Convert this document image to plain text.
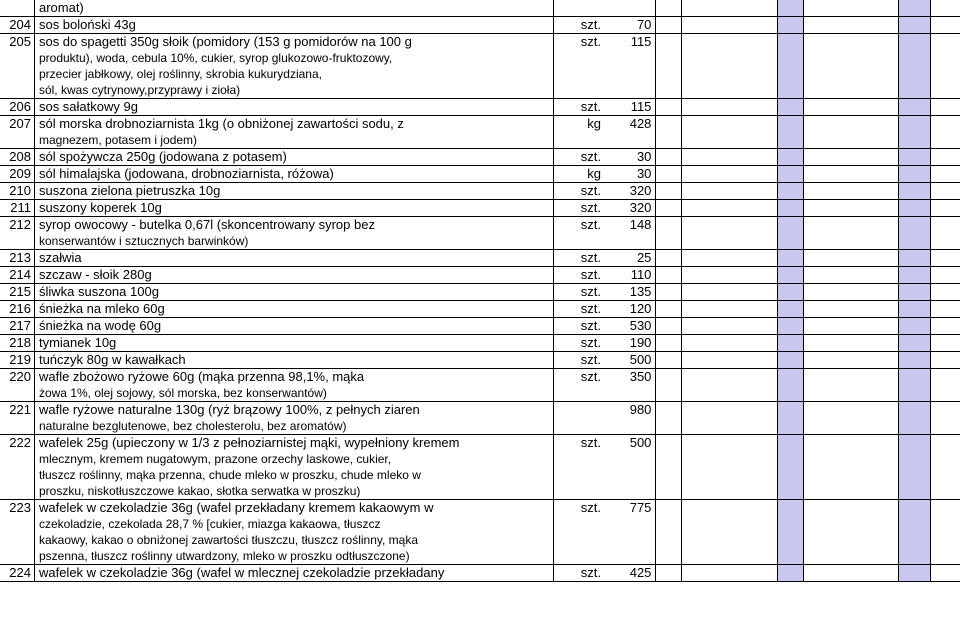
	aromat)								

204	sos boloński 43g	szt.	70						
205	sos do spagetti 350g słoik (pomidory (153 g pomidorów na 100 g
produktu), woda, cebula 10%, cukier, syrop glukozowo-fruktozowy,
przecier jabłkowy, olej roślinny, skrobia kukurydziana,
sól, kwas cytrynowy,przyprawy i zioła)	szt.	115						
206	sos sałatkowy 9g	szt.	115						
207	sól morska drobnoziarnista 1kg (o obniżonej zawartości sodu, z
magnezem, potasem i jodem)	kg	428						
208	sól spożywcza 250g (jodowana z potasem)	szt.	30						
209	sól himalajska (jodowana, drobnoziarnista, różowa)	kg	30						
210	suszona zielona pietruszka 10g	szt.	320						
211	suszony koperek 10g	szt.	320						
212	syrop owocowy - butelka 0,67l (skoncentrowany syrop bez
konserwantów i sztucznych barwinków)	szt.	148						
213	szałwia	szt.	25						
214	szczaw - słoik 280g	szt.	110						
215	śliwka suszona 100g	szt.	135						
216	śnieżka na mleko 60g	szt.	120						
217	śnieżka na wodę 60g	szt.	530						
218	tymianek 10g	szt.	190						
219	tuńczyk 80g w kawałkach	szt.	500						
220	wafle zbożowo ryżowe 60g (mąka przenna 98,1%, mąka
żowa 1%, olej sojowy, sól morska, bez konserwantów)	szt.	350						
221	wafle ryżowe naturalne 130g (ryż brązowy 100%, z pełnych ziaren
naturalne bezglutenowe, bez cholesterolu, bez aromatów)		980						
222	wafelek 25g (upieczony w 1/3 z pełnoziarnistej mąki, wypełniony kremem
mlecznym, kremem nugatowym, prazone orzechy laskowe, cukier,
tłuszcz roślinny, mąka przenna, chude mleko w proszku, chude mleko w
proszku, niskotłuszczowe kakao, słotka serwatka w proszku)	szt.	500						
223	wafelek w czekoladzie 36g (wafel przekładany kremem kakaowym w
czekoladzie, czekolada 28,7 % [cukier, miazga kakaowa, tłuszcz
kakaowy, kakao o obniżonej zawartości tłuszczu, tłuszcz roślinny, mąka
pszenna, tłuszcz roślinny utwardzony, mleko w proszku odtłuszczone)	szt.	775						
224	wafelek w czekoladzie 36g (wafel w mlecznej czekoladzie przekładany	szt.	425						
